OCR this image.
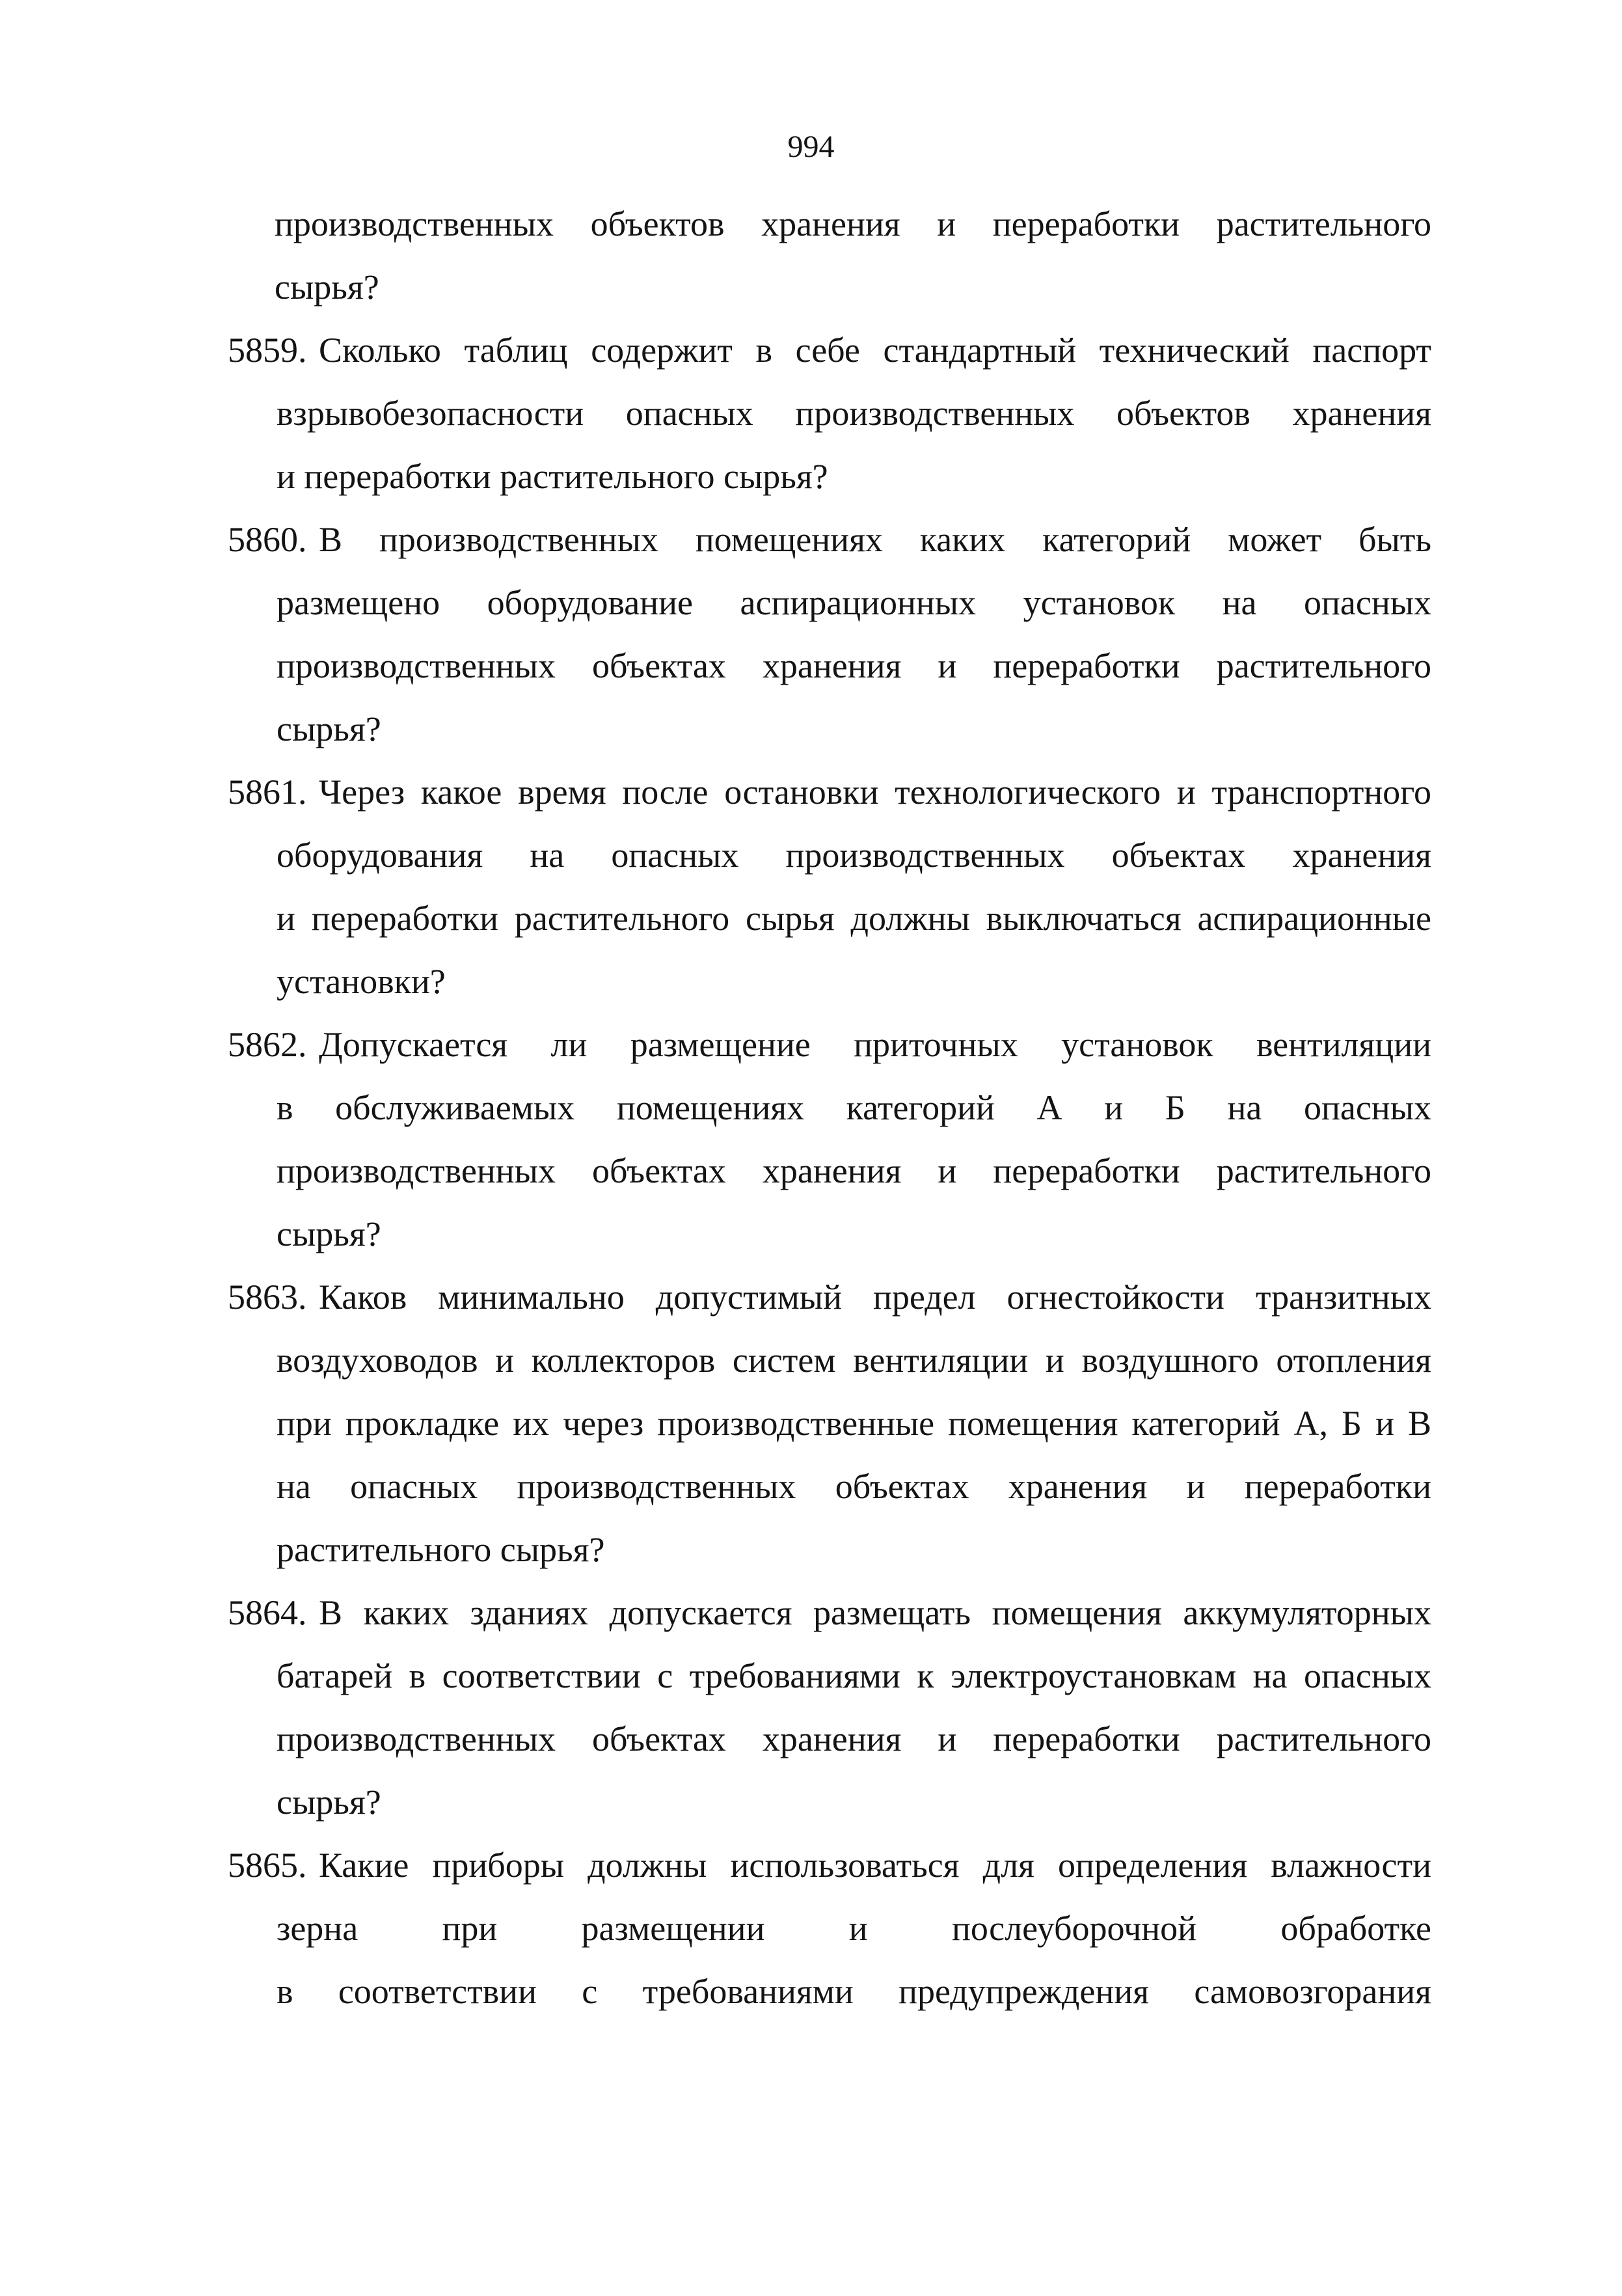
994
производственных объектов хранения и переработки растительного
сырья?
5859. Сколько таблиц содержит в себе стандартный технический паспорт
взрывобезопасности опасных производственных объектов хранения
и переработки растительного сырья?
5860. В производственных помещениях каких категорий может быть
размещено оборудование аспирационных установок на опасных
производственных объектах хранения и переработки растительного
сырья?
5861. Через какое время после остановки технологического и транспортного
оборудования на опасных производственных объектах хранения
и переработки растительного сырья должны выключаться аспирационные
установки?
5862. Допускается ли размещение приточных установок вентиляции
в обслуживаемых помещениях категорий А и Б на опасных
производственных объектах хранения и переработки растительного
сырья?
5863. Каков минимально допустимый предел огнестойкости транзитных
воздуховодов и коллекторов систем вентиляции и воздушного отопления
при прокладке их через производственные помещения категорий А, Б и В
на опасных производственных объектах хранения и переработки
растительного сырья?
5864. В каких зданиях допускается размещать помещения аккумуляторных
батарей в соответствии с требованиями к электроустановкам на опасных
производственных объектах хранения и переработки растительного
сырья?
5865. Какие приборы должны использоваться для определения влажности
зерна при размещении и послеуборочной обработке
в соответствии с требованиями предупреждения самовозгорания
